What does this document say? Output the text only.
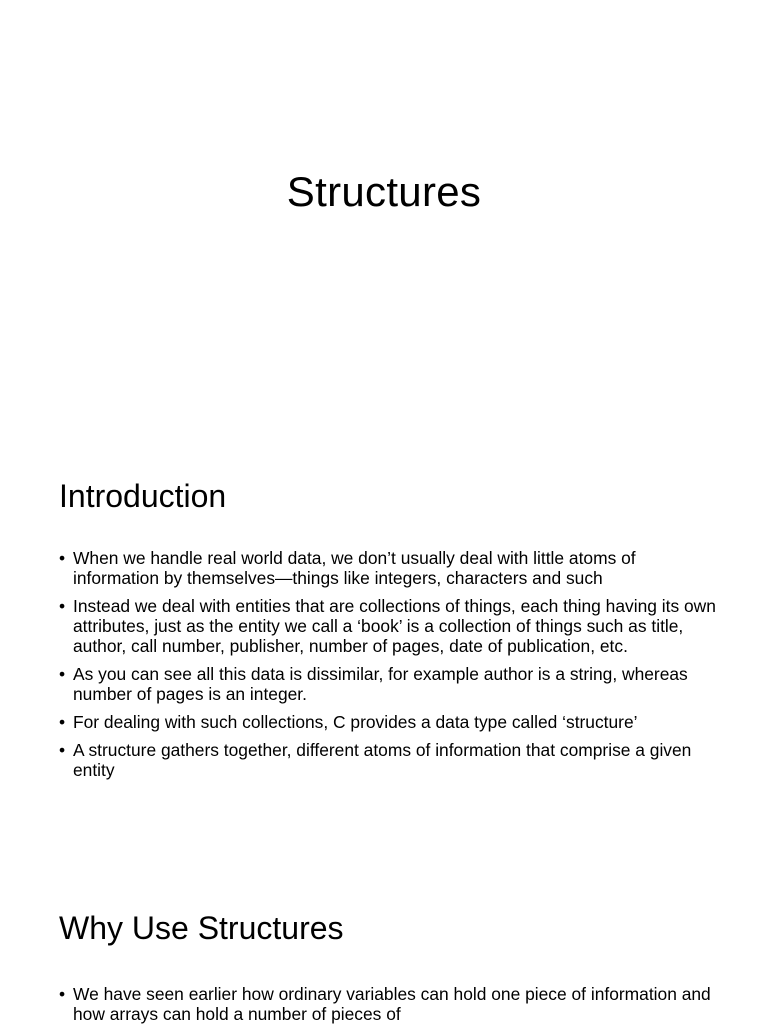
Structures
Introduction
• When we handle real world data, we don’t usually deal with little atoms of information by themselves—things like integers, characters and such
• Instead we deal with entities that are collections of things, each thing having its own attributes, just as the entity we call a ‘book’ is a collection of things such as title, author, call number, publisher, number of pages, date of publication, etc.
• As you can see all this data is dissimilar, for example author is a string, whereas number of pages is an integer.
• For dealing with such collections, C provides a data type called ‘structure’
• A structure gathers together, different atoms of information that comprise a given entity
Why Use Structures
• We have seen earlier how ordinary variables can hold one piece of information and how arrays can hold a number of pieces of
